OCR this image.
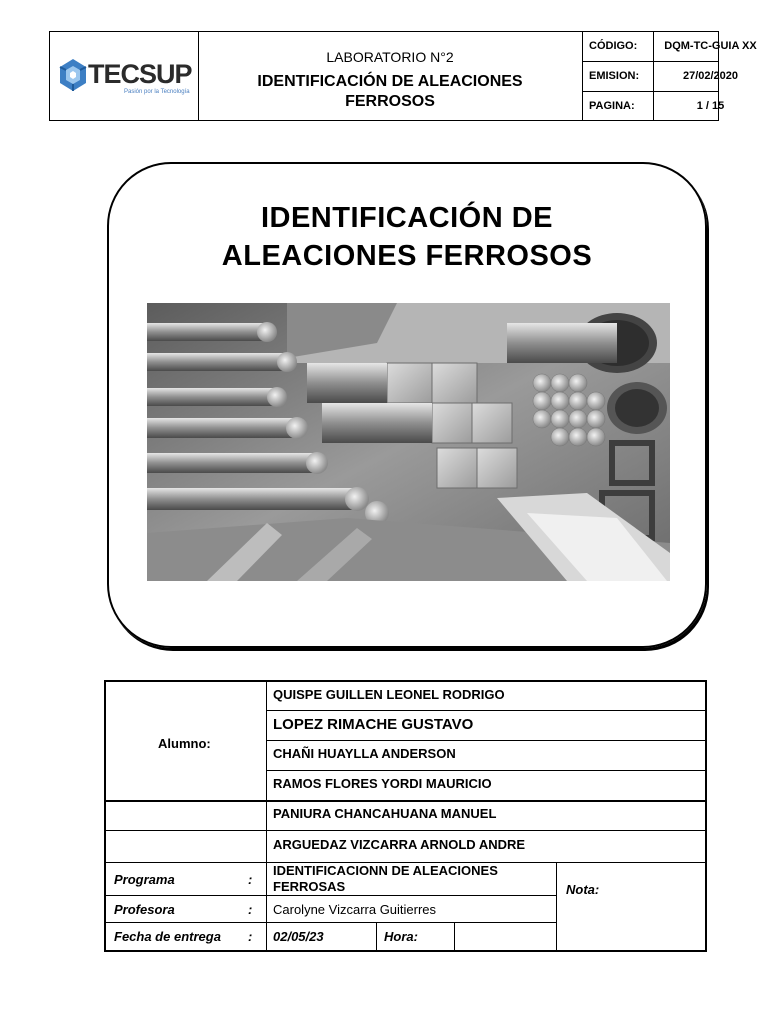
TECSUP
Pasión por la Tecnología
LABORATORIO N°2
IDENTIFICACIÓN DE ALEACIONES
FERROSOS
CÓDIGO:	DQM-TC-GUIA XX
EMISION:	27/02/2020
PAGINA:	1 / 15
IDENTIFICACIÓN DE
ALEACIONES FERROSOS
Alumno:
QUISPE GUILLEN LEONEL RODRIGO
LOPEZ RIMACHE GUSTAVO
CHAÑI HUAYLLA ANDERSON
RAMOS FLORES YORDI MAURICIO
PANIURA CHANCAHUANA MANUEL
ARGUEDAZ VIZCARRA ARNOLD ANDRE
Programa	:
IDENTIFICACIONN DE ALEACIONES
FERROSAS
Profesora	: Carolyne Vizcarra Guitierres
Fecha de entrega : 02/05/23	Hora:
Nota:
